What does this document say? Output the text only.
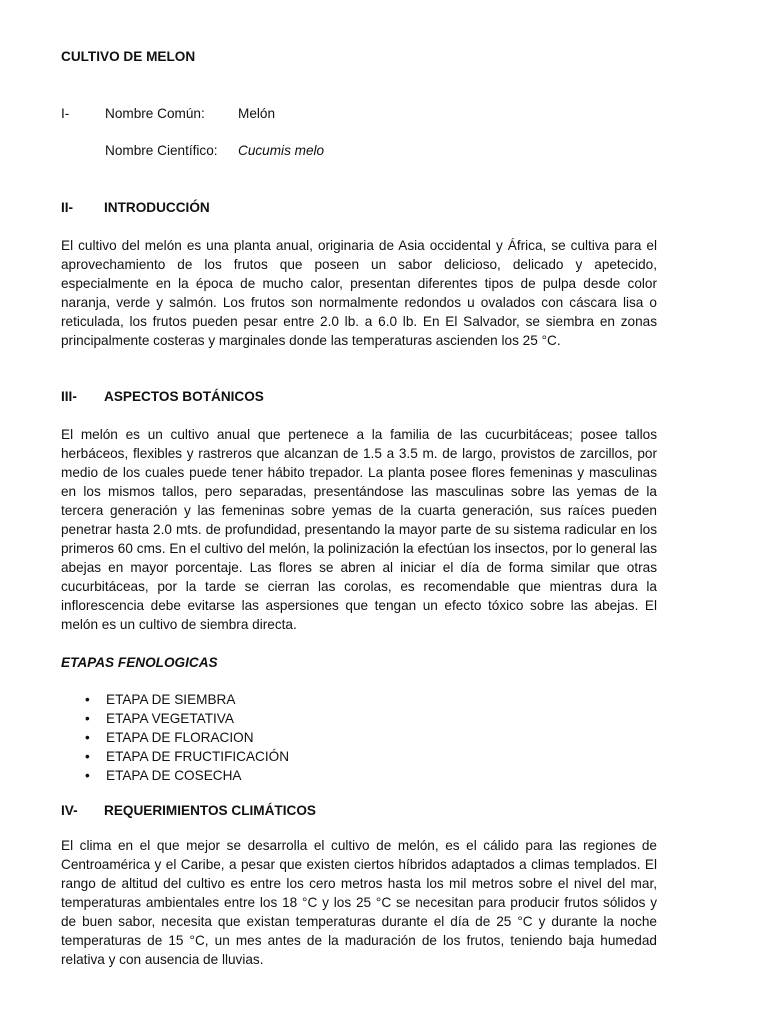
CULTIVO DE MELON
I-	Nombre Común: Melón
Nombre Científico: Cucumis melo
II- INTRODUCCIÓN

El cultivo del melón es una planta anual, originaria de Asia occidental y África, se cultiva para el aprovechamiento de los frutos que poseen un sabor delicioso, delicado y apetecido, especialmente en la época de mucho calor, presentan diferentes tipos de pulpa desde color naranja, verde y salmón. Los frutos son normalmente redondos u ovalados con cáscara lisa o reticulada, los frutos pueden pesar entre 2.0 lb. a 6.0 lb. En El Salvador, se siembra en zonas principalmente costeras y marginales donde las temperaturas ascienden los 25 °C.

III- ASPECTOS BOTÁNICOS

El melón es un cultivo anual que pertenece a la familia de las cucurbitáceas; posee tallos herbáceos, flexibles y rastreros que alcanzan de 1.5 a 3.5 m. de largo, provistos de zarcillos, por medio de los cuales puede tener hábito trepador. La planta posee flores femeninas y masculinas en los mismos tallos, pero separadas, presentándose las masculinas sobre las yemas de la tercera generación y las femeninas sobre yemas de la cuarta generación, sus raíces pueden penetrar hasta 2.0 mts. de profundidad, presentando la mayor parte de su sistema radicular en los primeros 60 cms. En el cultivo del melón, la polinización la efectúan los insectos, por lo general las abejas en mayor porcentaje. Las flores se abren al iniciar el día de forma similar que otras cucurbitáceas, por la tarde se cierran las corolas, es recomendable que mientras dura la inflorescencia debe evitarse las aspersiones que tengan un efecto tóxico sobre las abejas. El melón es un cultivo de siembra directa.

ETAPAS FENOLOGICAS
• ETAPA DE SIEMBRA
• ETAPA VEGETATIVA
• ETAPA DE FLORACION
• ETAPA DE FRUCTIFICACIÓN
• ETAPA DE COSECHA
IV- REQUERIMIENTOS CLIMÁTICOS

El clima en el que mejor se desarrolla el cultivo de melón, es el cálido para las regiones de Centroamérica y el Caribe, a pesar que existen ciertos híbridos adaptados a climas templados. El rango de altitud del cultivo es entre los cero metros hasta los mil metros sobre el nivel del mar, temperaturas ambientales entre los 18 °C y los 25 °C se necesitan para producir frutos sólidos y de buen sabor, necesita que existan temperaturas durante el día de 25 °C y durante la noche temperaturas de 15 °C, un mes antes de la maduración de los frutos, teniendo baja humedad relativa y con ausencia de lluvias.
